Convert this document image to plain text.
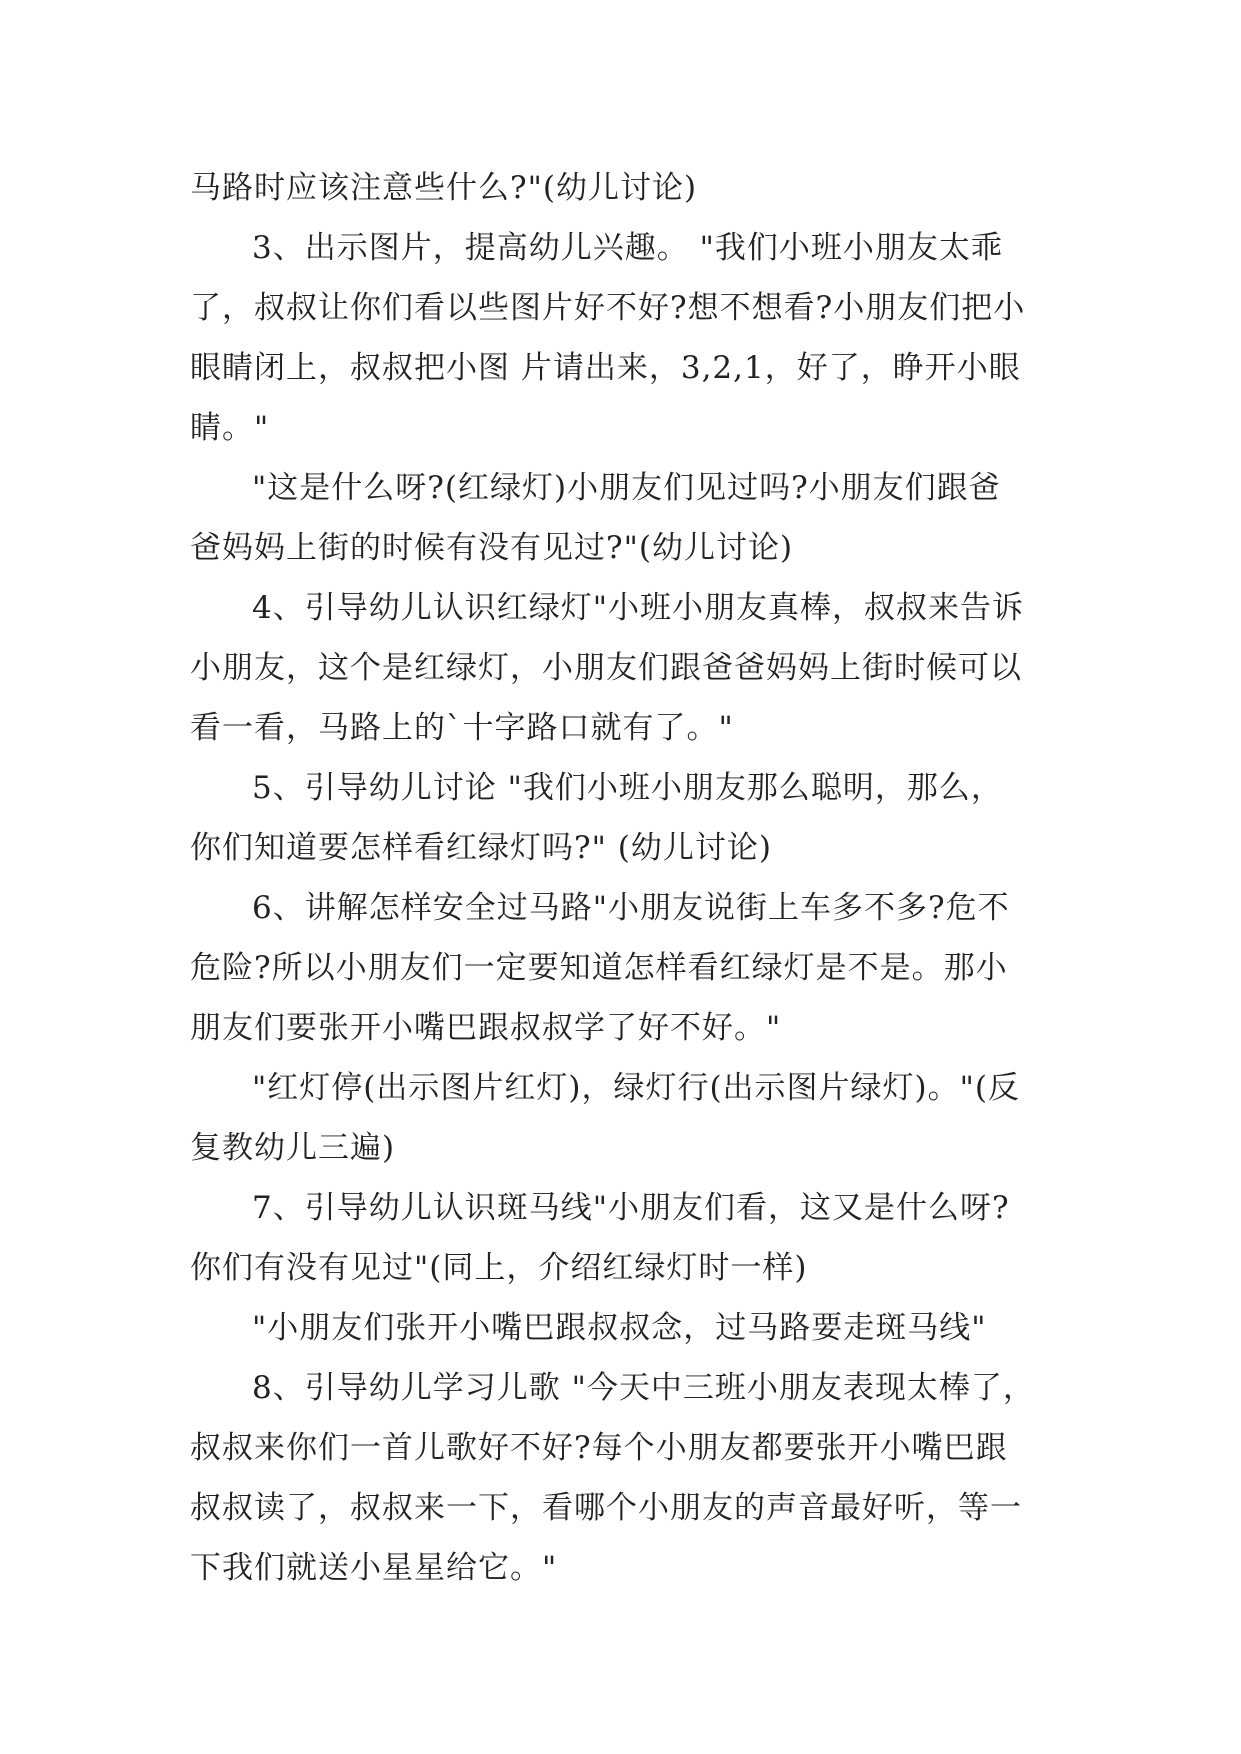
马路时应该注意些什么?"(幼儿讨论)
3、出示图片，提高幼儿兴趣。 "我们小班小朋友太乖
了，叔叔让你们看以些图片好不好?想不想看?小朋友们把小
眼睛闭上，叔叔把小图 片请出来，3,2,1，好了，睁开小眼
睛。"
"这是什么呀?(红绿灯)小朋友们见过吗?小朋友们跟爸
爸妈妈上街的时候有没有见过?"(幼儿讨论)
4、引导幼儿认识红绿灯"小班小朋友真棒，叔叔来告诉
小朋友，这个是红绿灯，小朋友们跟爸爸妈妈上街时候可以
看一看，马路上的`十字路口就有了。"
5、引导幼儿讨论 "我们小班小朋友那么聪明，那么，
你们知道要怎样看红绿灯吗?" (幼儿讨论)
6、讲解怎样安全过马路"小朋友说街上车多不多?危不
危险?所以小朋友们一定要知道怎样看红绿灯是不是。那小
朋友们要张开小嘴巴跟叔叔学了好不好。"
"红灯停(出示图片红灯)，绿灯行(出示图片绿灯)。"(反
复教幼儿三遍)
7、引导幼儿认识斑马线"小朋友们看，这又是什么呀?
你们有没有见过"(同上，介绍红绿灯时一样)
"小朋友们张开小嘴巴跟叔叔念，过马路要走斑马线"
8、引导幼儿学习儿歌 "今天中三班小朋友表现太棒了，
叔叔来你们一首儿歌好不好?每个小朋友都要张开小嘴巴跟
叔叔读了，叔叔来一下，看哪个小朋友的声音最好听，等一
下我们就送小星星给它。"
